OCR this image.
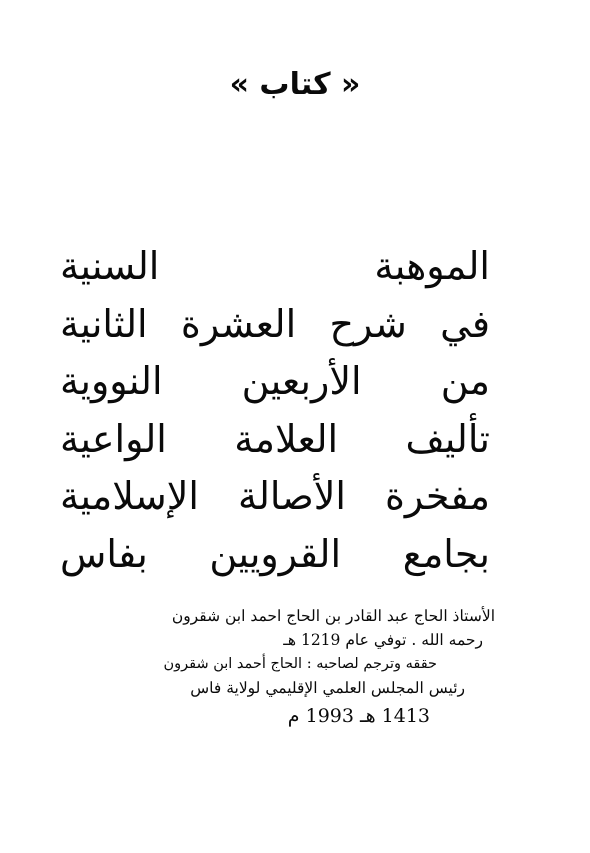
« كتاب »
الموهبة السنية
في شرح العشرة الثانية
من الأربعين النووية
تأليف العلامة الواعية
مفخرة الأصالة الإسلامية
بجامع القرويين بفاس
الأستاذ الحاج عبد القادر بن الحاج احمد ابن شقرون
رحمه الله . توفي عام 1219 هـ
حققه وترجم لصاحبه : الحاج أحمد ابن شقرون
رئيس المجلس العلمي الإقليمي لولاية فاس
1413 هـ 1993 م
